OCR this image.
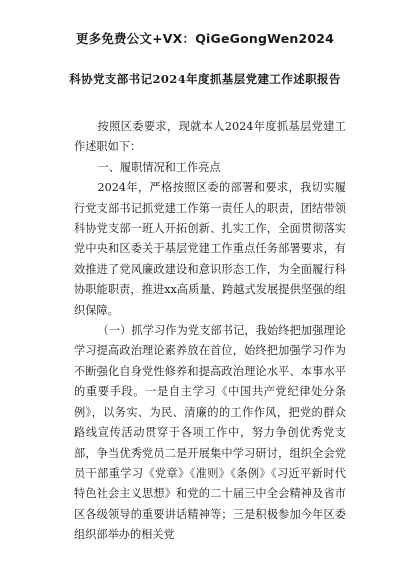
更多免费公文+VX：QiGeGongWen2024
科协党支部书记2024年度抓基层党建工作述职报告

按照区委要求，现就本人2024年度抓基层党建工作述职如下：

一、履职情况和工作亮点

2024年，严格按照区委的部署和要求，我切实履行党支部书记抓党建工作第一责任人的职责，团结带领科协党支部一班人开拓创新、扎实工作，全面贯彻落实党中央和区委关于基层党建工作重点任务部署要求，有效推进了党风廉政建设和意识形态工作，为全面履行科协职能职责，推进xx高质量、跨越式发展提供坚强的组织保障。

（一）抓学习作为党支部书记，我始终把加强理论学习提高政治理论素养放在首位，始终把加强学习作为不断强化自身党性修养和提高政治理论水平、本事水平的重要手段。一是自主学习《中国共产党纪律处分条例》，以务实、为民、清廉的的工作作风，把党的群众路线宣传活动贯穿于各项工作中，努力争创优秀党支部，争当优秀党员二是开展集中学习研讨，组织全会党员干部重学习《党章》《准则》《条例》《习近平新时代特色社会主义思想》和党的二十届三中全会精神及省市区各级领导的重要讲话精神等；三是积极参加今年区委组织部举办的相关党
